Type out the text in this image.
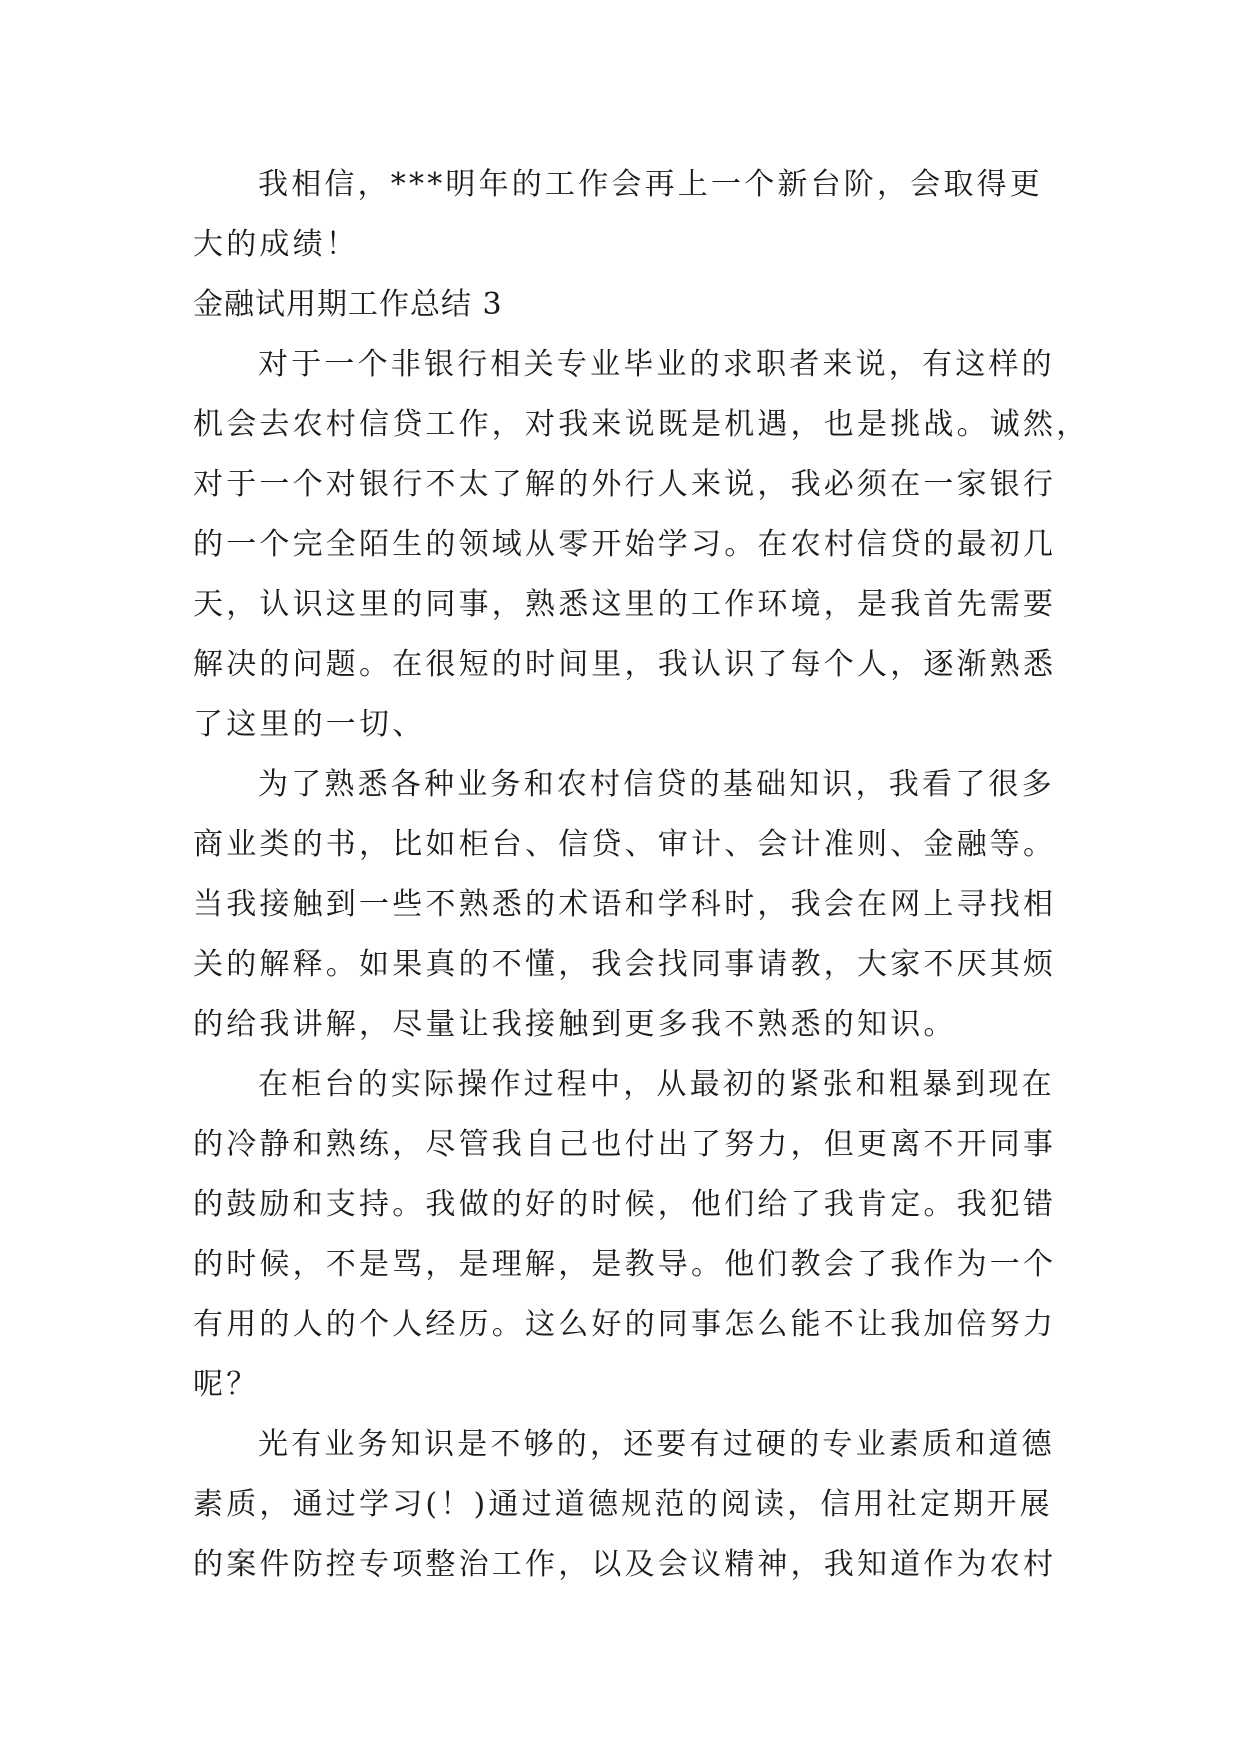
我相信，***明年的工作会再上一个新台阶，会取得更
大的成绩！
金融试用期工作总结 3
对于一个非银行相关专业毕业的求职者来说，有这样的
机会去农村信贷工作，对我来说既是机遇，也是挑战。诚然，
对于一个对银行不太了解的外行人来说，我必须在一家银行
的一个完全陌生的领域从零开始学习。在农村信贷的最初几
天，认识这里的同事，熟悉这里的工作环境，是我首先需要
解决的问题。在很短的时间里，我认识了每个人，逐渐熟悉
了这里的一切、
为了熟悉各种业务和农村信贷的基础知识，我看了很多
商业类的书，比如柜台、信贷、审计、会计准则、金融等。
当我接触到一些不熟悉的术语和学科时，我会在网上寻找相
关的解释。如果真的不懂，我会找同事请教，大家不厌其烦
的给我讲解，尽量让我接触到更多我不熟悉的知识。
在柜台的实际操作过程中，从最初的紧张和粗暴到现在
的冷静和熟练，尽管我自己也付出了努力，但更离不开同事
的鼓励和支持。我做的好的时候，他们给了我肯定。我犯错
的时候，不是骂，是理解，是教导。他们教会了我作为一个
有用的人的个人经历。这么好的同事怎么能不让我加倍努力
呢？
光有业务知识是不够的，还要有过硬的专业素质和道德
素质，通过学习(！)通过道德规范的阅读，信用社定期开展
的案件防控专项整治工作，以及会议精神，我知道作为农村
